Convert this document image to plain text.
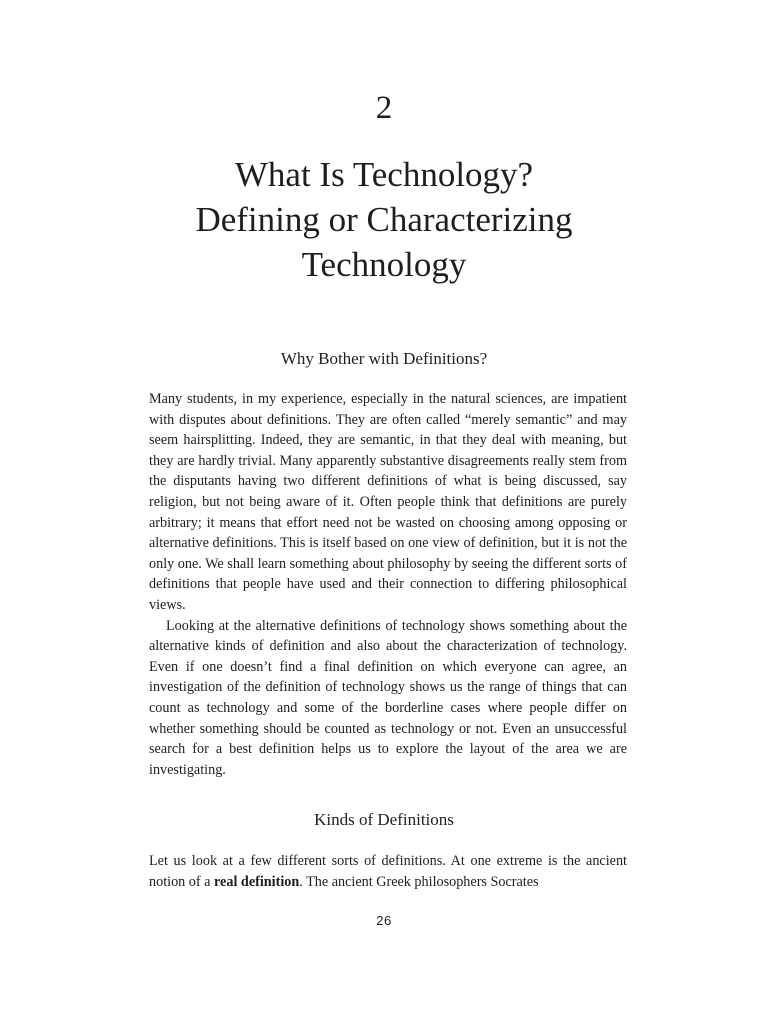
2
What Is Technology?
Defining or Characterizing
Technology
Why Bother with Definitions?

Many students, in my experience, especially in the natural sciences, are impatient with disputes about definitions. They are often called “merely semantic” and may seem hairsplitting. Indeed, they are semantic, in that they deal with meaning, but they are hardly trivial. Many apparently substantive disagreements really stem from the disputants having two different definitions of what is being discussed, say religion, but not being aware of it. Often people think that definitions are purely arbitrary; it means that effort need not be wasted on choosing among opposing or alternative definitions. This is itself based on one view of definition, but it is not the only one. We shall learn something about philosophy by seeing the different sorts of definitions that people have used and their connection to differing philosophical views.

Looking at the alternative definitions of technology shows something about the alternative kinds of definition and also about the characterization of technology. Even if one doesn’t find a final definition on which everyone can agree, an investigation of the definition of technology shows us the range of things that can count as technology and some of the borderline cases where people differ on whether something should be counted as technology or not. Even an unsuccessful search for a best definition helps us to explore the layout of the area we are investigating.

Kinds of Definitions

Let us look at a few different sorts of definitions. At one extreme is the ancient notion of a real definition. The ancient Greek philosophers Socrates

26
